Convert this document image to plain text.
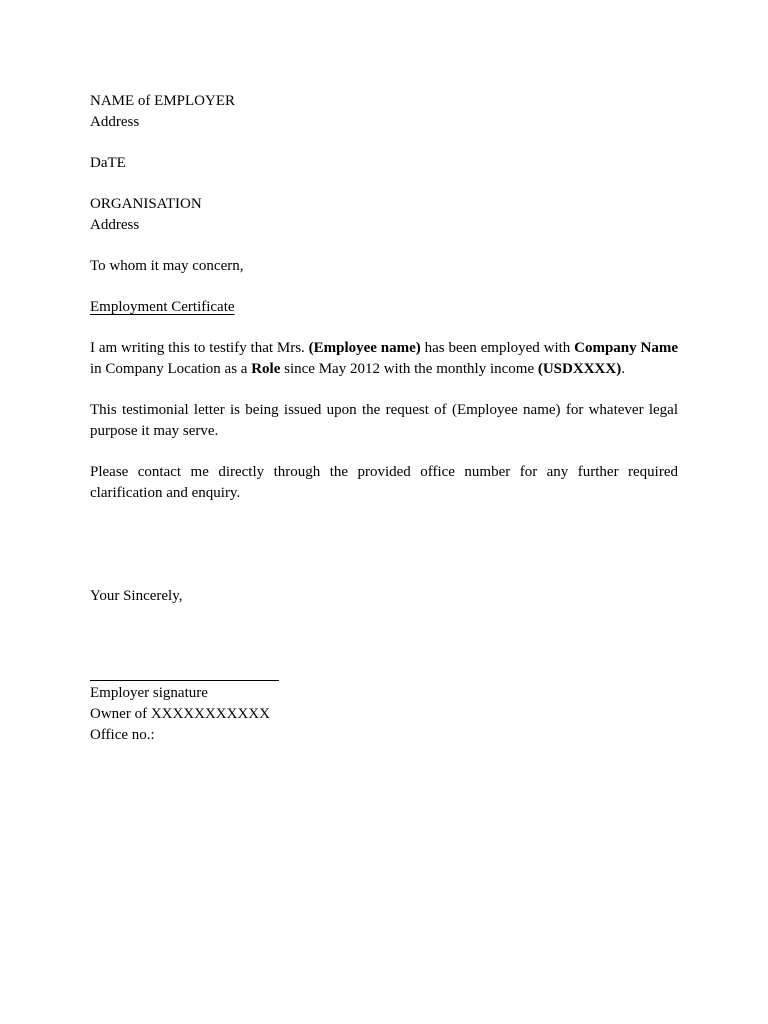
NAME of EMPLOYER
Address
DaTE
ORGANISATION
Address
To whom it may concern,
Employment Certificate

I am writing this to testify that Mrs. (Employee name) has been employed with Company Name in Company Location as a Role since May 2012 with the monthly income (USDXXXX).

This testimonial letter is being issued upon the request of (Employee name) for whatever legal purpose it may serve.

Please contact me directly through the provided office number for any further required clarification and enquiry.

Your Sincerely,
Employer signature
Owner of XXXXXXXXXXX
Office no.:
